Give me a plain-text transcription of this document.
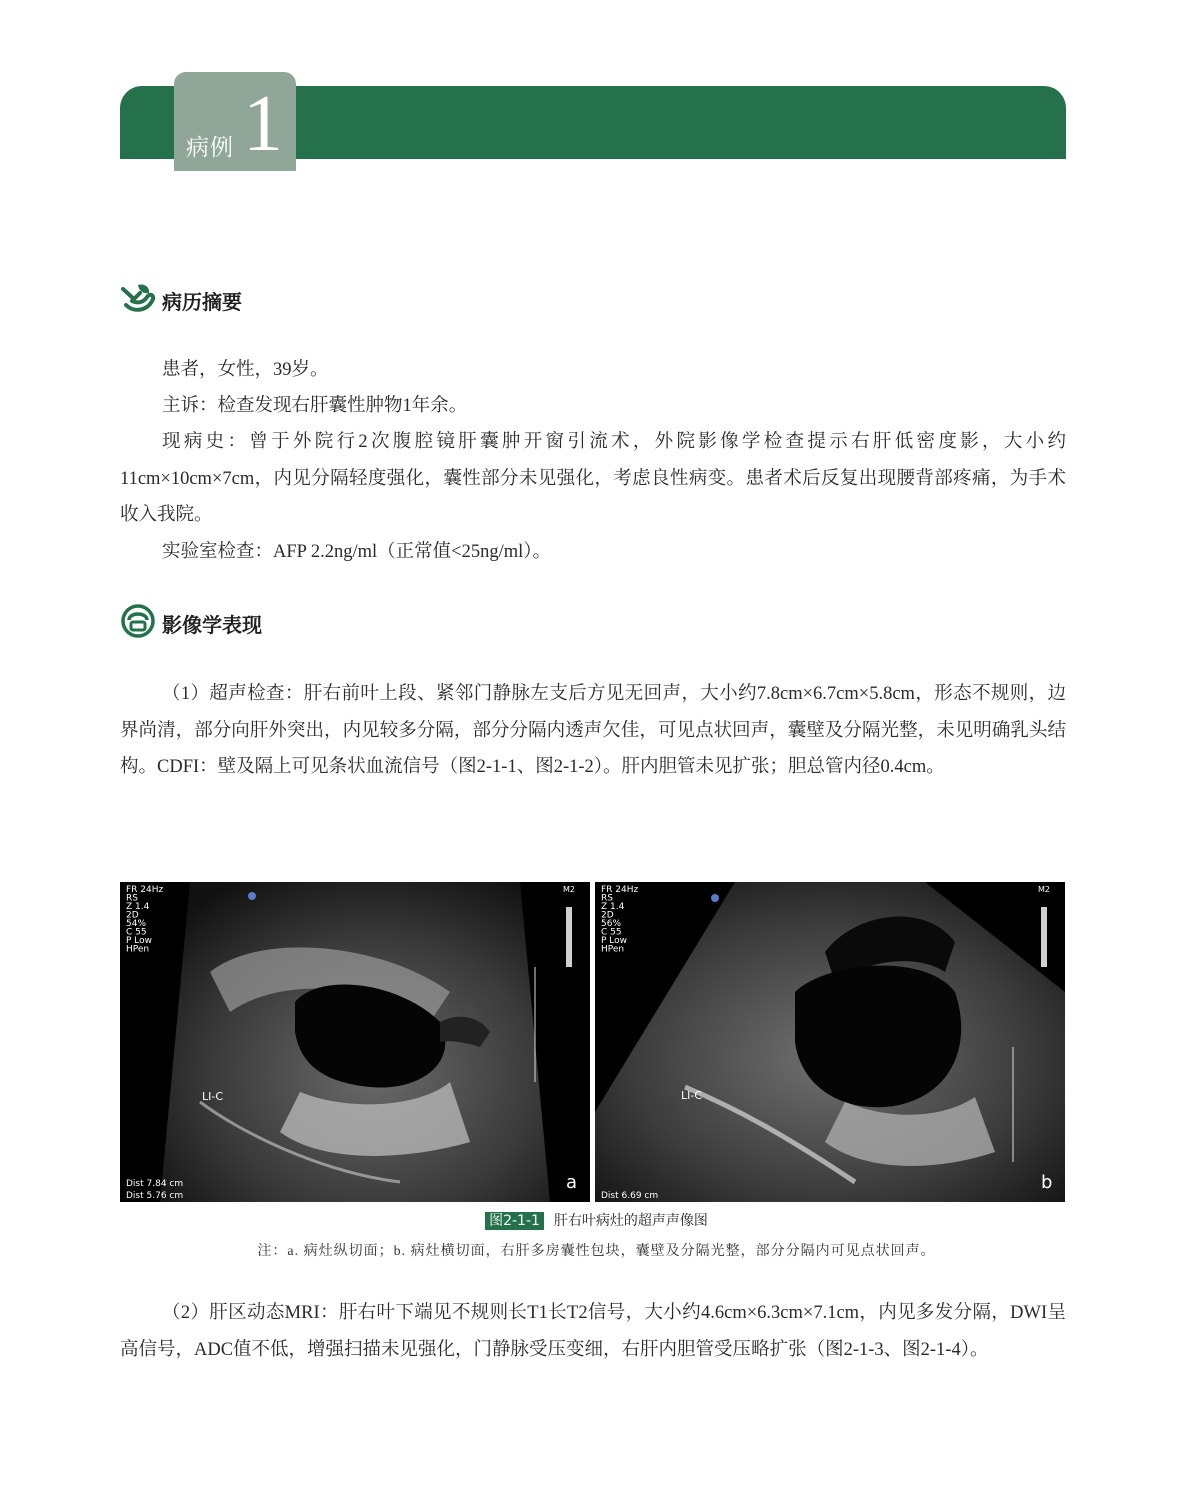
病例 1
病历摘要

患者，女性，39岁。

主诉：检查发现右肝囊性肿物1年余。

现病史：曾于外院行2次腹腔镜肝囊肿开窗引流术，外院影像学检查提示右肝低密度影，大小约11cm×10cm×7cm，内见分隔轻度强化，囊性部分未见强化，考虑良性病变。患者术后反复出现腰背部疼痛，为手术收入我院。

实验室检查：AFP 2.2ng/ml（正常值<25ng/ml）。

影像学表现

（1）超声检查：肝右前叶上段、紧邻门静脉左支后方见无回声，大小约7.8cm×6.7cm×5.8cm，形态不规则，边界尚清，部分向肝外突出，内见较多分隔，部分分隔内透声欠佳，可见点状回声，囊壁及分隔光整，未见明确乳头结构。CDFI：壁及隔上可见条状血流信号（图2-1-1、图2-1-2）。肝内胆管未见扩张；胆总管内径0.4cm。

FR 24Hz RS Z 1.4 2D 54% C 55 P Low HPen
M2
LI-C
a
Dist 7.84 cm
Dist 5.76 cm
FR 24Hz RS Z 1.4 2D 56% C 55 P Low HPen
M2
LI-C
b
Dist 6.69 cm
图2-1-1 肝右叶病灶的超声声像图
注：a. 病灶纵切面；b. 病灶横切面，右肝多房囊性包块，囊壁及分隔光整，部分分隔内可见点状回声。

（2）肝区动态MRI：肝右叶下端见不规则长T1长T2信号，大小约4.6cm×6.3cm×7.1cm，内见多发分隔，DWI呈高信号，ADC值不低，增强扫描未见强化，门静脉受压变细，右肝内胆管受压略扩张（图2-1-3、图2-1-4）。
